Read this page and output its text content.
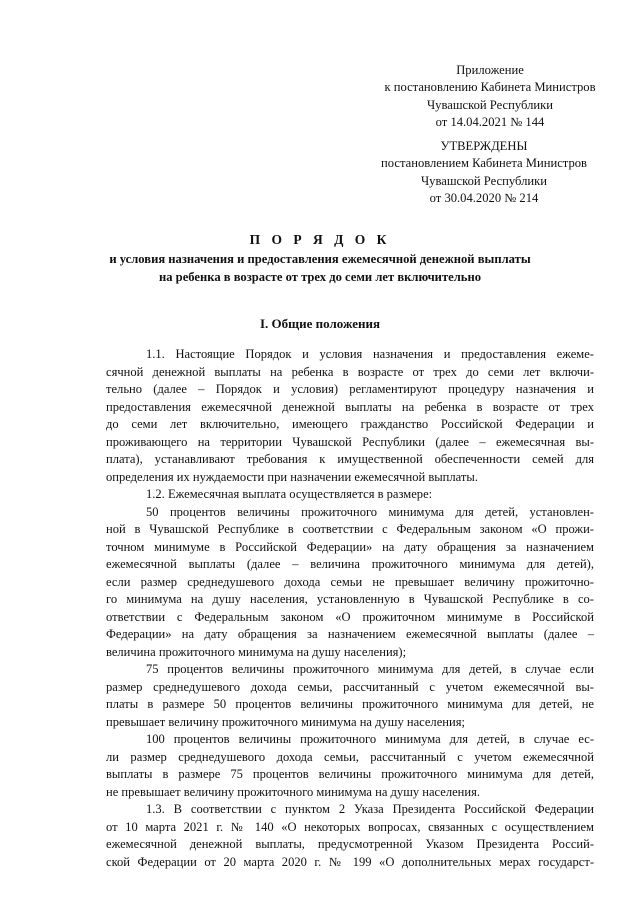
Приложение
к постановлению Кабинета Министров
Чувашской Республики
от 14.04.2021 № 144
УТВЕРЖДЕНЫ
постановлением Кабинета Министров
Чувашской Республики
от 30.04.2020 № 214
П О Р Я Д О К
и условия назначения и предоставления ежемесячной денежной выплаты
на ребенка в возрасте от трех до семи лет включительно
I. Общие положения
1.1. Настоящие Порядок и условия назначения и предоставления ежеме-
сячной денежной выплаты на ребенка в возрасте от трех до семи лет включи-
тельно (далее – Порядок и условия) регламентируют процедуру назначения и
предоставления ежемесячной денежной выплаты на ребенка в возрасте от трех
до семи лет включительно, имеющего гражданство Российской Федерации и
проживающего на территории Чувашской Республики (далее – ежемесячная вы-
плата), устанавливают требования к имущественной обеспеченности семей для
определения их нуждаемости при назначении ежемесячной выплаты.
1.2. Ежемесячная выплата осуществляется в размере:
50 процентов величины прожиточного минимума для детей, установлен-
ной в Чувашской Республике в соответствии с Федеральным законом «О прожи-
точном минимуме в Российской Федерации» на дату обращения за назначением
ежемесячной выплаты (далее – величина прожиточного минимума для детей),
если размер среднедушевого дохода семьи не превышает величину прожиточно-
го минимума на душу населения, установленную в Чувашской Республике в со-
ответствии с Федеральным законом «О прожиточном минимуме в Российской
Федерации» на дату обращения за назначением ежемесячной выплаты (далее –
величина прожиточного минимума на душу населения);
75 процентов величины прожиточного минимума для детей, в случае если
размер среднедушевого дохода семьи, рассчитанный с учетом ежемесячной вы-
платы в размере 50 процентов величины прожиточного минимума для детей, не
превышает величину прожиточного минимума на душу населения;
100 процентов величины прожиточного минимума для детей, в случае ес-
ли размер среднедушевого дохода семьи, рассчитанный с учетом ежемесячной
выплаты в размере 75 процентов величины прожиточного минимума для детей,
не превышает величину прожиточного минимума на душу населения.
1.3. В соответствии с пунктом 2 Указа Президента Российской Федерации
от 10 марта 2021 г. № 140 «О некоторых вопросах, связанных с осуществлением
ежемесячной денежной выплаты, предусмотренной Указом Президента Россий-
ской Федерации от 20 марта 2020 г. № 199 «О дополнительных мерах государст-
